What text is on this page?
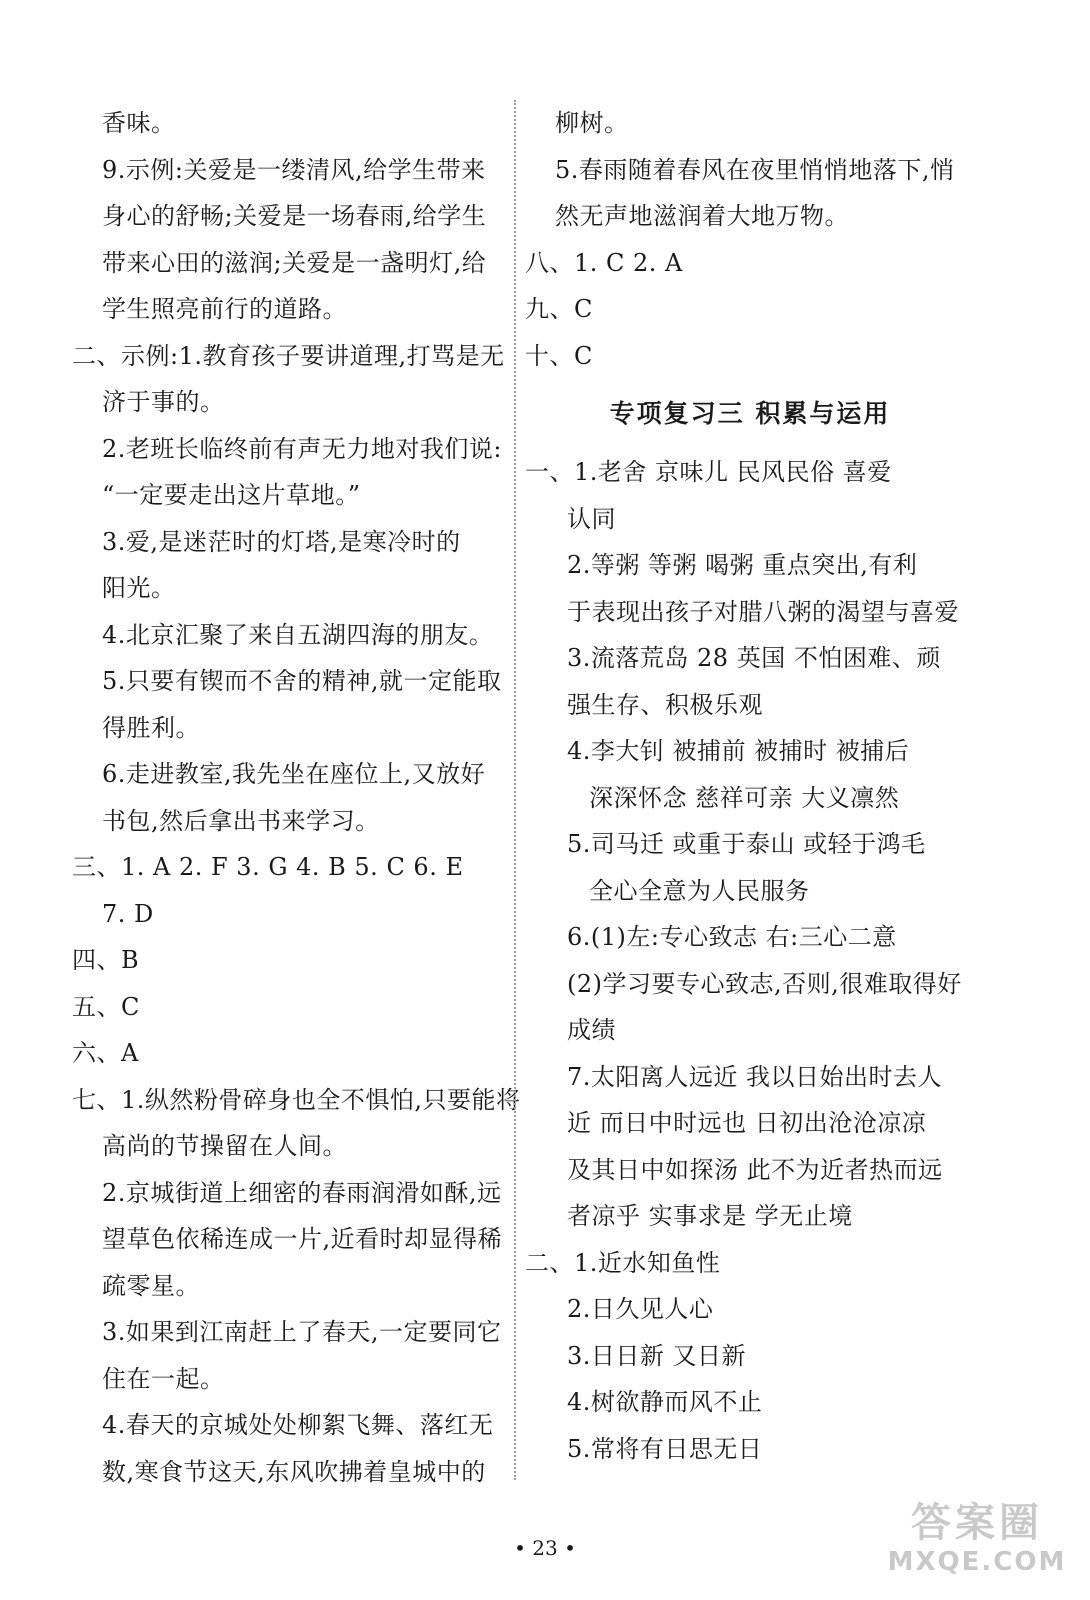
香味。
9.示例:关爱是一缕清风,给学生带来
身心的舒畅;关爱是一场春雨,给学生
带来心田的滋润;关爱是一盏明灯,给
学生照亮前行的道路。
二、示例:1.教育孩子要讲道理,打骂是无
济于事的。
2.老班长临终前有声无力地对我们说:
“一定要走出这片草地。”
3.爱,是迷茫时的灯塔,是寒冷时的
阳光。
4.北京汇聚了来自五湖四海的朋友。
5.只要有锲而不舍的精神,就一定能取
得胜利。
6.走进教室,我先坐在座位上,又放好
书包,然后拿出书来学习。
三、1. A 2. F 3. G 4. B 5. C 6. E
7. D
四、B
五、C
六、A
七、1.纵然粉骨碎身也全不惧怕,只要能将
高尚的节操留在人间。
2.京城街道上细密的春雨润滑如酥,远
望草色依稀连成一片,近看时却显得稀
疏零星。
3.如果到江南赶上了春天,一定要同它
住在一起。
4.春天的京城处处柳絮飞舞、落红无
数,寒食节这天,东风吹拂着皇城中的
柳树。
5.春雨随着春风在夜里悄悄地落下,悄
然无声地滋润着大地万物。
八、1. C 2. A
九、C
十、C
专项复习三 积累与运用
一、1.老舍 京味儿 民风民俗 喜爱
认同
2.等粥 等粥 喝粥 重点突出,有利
于表现出孩子对腊八粥的渴望与喜爱
3.流落荒岛 28 英国 不怕困难、顽
强生存、积极乐观
4.李大钊 被捕前 被捕时 被捕后
深深怀念 慈祥可亲 大义凛然
5.司马迁 或重于泰山 或轻于鸿毛
全心全意为人民服务
6.(1)左:专心致志 右:三心二意
(2)学习要专心致志,否则,很难取得好
成绩
7.太阳离人远近 我以日始出时去人
近 而日中时远也 日初出沧沧凉凉
及其日中如探汤 此不为近者热而远
者凉乎 实事求是 学无止境
二、1.近水知鱼性
2.日久见人心
3.日日新 又日新
4.树欲静而风不止
5.常将有日思无日
• 23 •
答案圈
MXQE.COM
